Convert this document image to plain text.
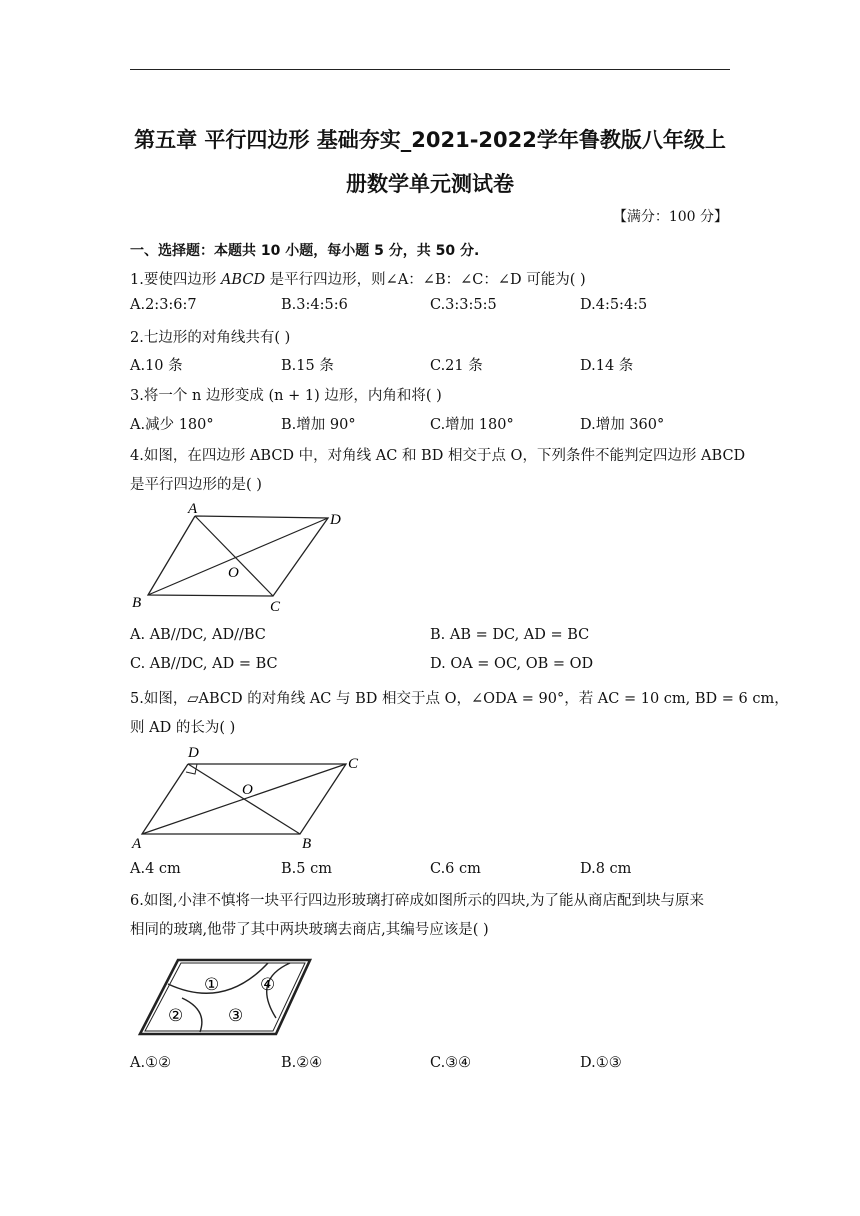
第五章 平行四边形 基础夯实_2021-2022学年鲁教版八年级上
册数学单元测试卷
【满分：100 分】
一、选择题：本题共 10 小题，每小题 5 分，共 50 分.
1.要使四边形 ABCD 是平行四边形，则∠A：∠B：∠C：∠D 可能为( )
A.2:3:6:7	B.3:4:5:6	C.3:3:5:5	D.4:5:4:5
2.七边形的对角线共有( )
A.10 条	B.15 条	C.21 条	D.14 条
3.将一个 n 边形变成 (n + 1) 边形，内角和将( )
A.减少 180°	B.增加 90°	C.增加 180°	D.增加 360°
4.如图，在四边形 ABCD 中，对角线 AC 和 BD 相交于点 O，下列条件不能判定四边形 ABCD
是平行四边形的是( )
A
D
O
B	C
A. AB//DC, AD//BC	B. AB = DC, AD = BC
C. AB//DC, AD = BC	D. OA = OC, OB = OD
5.如图，▱ABCD 的对角线 AC 与 BD 相交于点 O，∠ODA = 90°，若 AC = 10 cm, BD = 6 cm，
则 AD 的长为( )
D
C
O
A	B
A.4 cm	B.5 cm	C.6 cm	D.8 cm
6.如图,小津不慎将一块平行四边形玻璃打碎成如图所示的四块,为了能从商店配到块与原来
相同的玻璃,他带了其中两块玻璃去商店,其编号应该是( )
① ④
②	③
A.①②	B.②④	C.③④	D.①③
